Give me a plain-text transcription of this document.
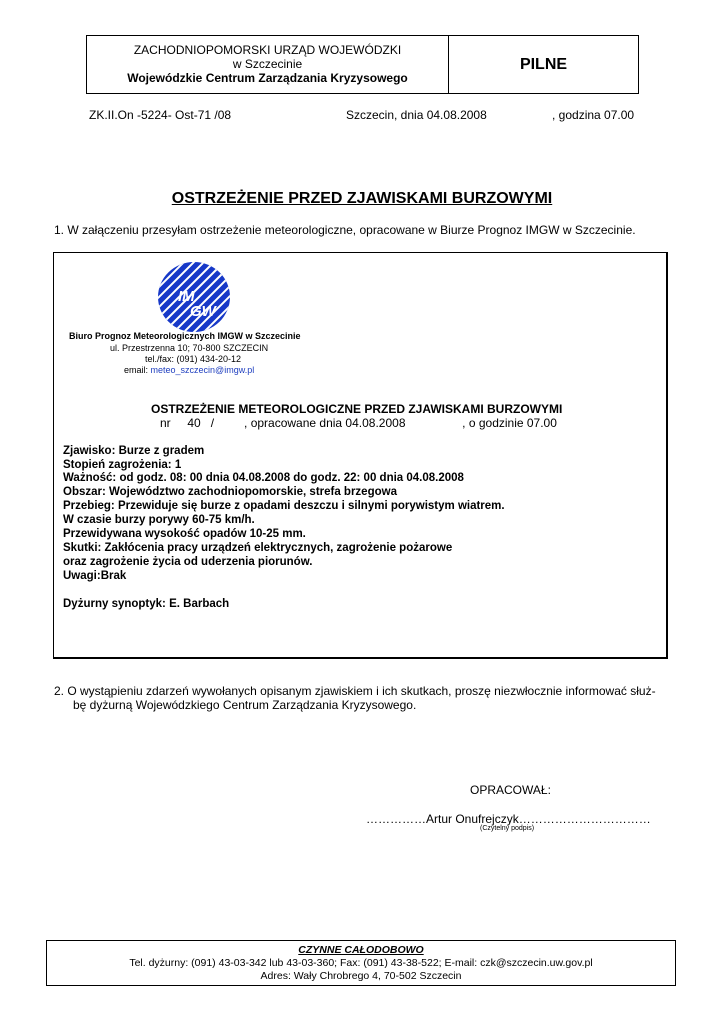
ZACHODNIOPOMORSKI URZĄD WOJEWÓDZKI
w Szczecinie
Wojewódzkie Centrum Zarządzania Kryzysowego
PILNE
ZK.II.On -5224- Ost-71 /08	Szczecin, dnia 04.08.2008	, godzina 07.00
OSTRZEŻENIE PRZED ZJAWISKAMI BURZOWYMI
1. W załączeniu przesyłam ostrzeżenie meteorologiczne, opracowane w Biurze Prognoz IMGW w Szczecinie.
IM
GW
Biuro Prognoz Meteorologicznych IMGW w Szczecinie
ul. Przestrzenna 10; 70-800 SZCZECIN
tel./fax: (091) 434-20-12
email: meteo_szczecin@imgw.pl
OSTRZEŻENIE METEOROLOGICZNE PRZED ZJAWISKAMI BURZOWYMI
nr     40   /         , opracowane dnia 04.08.2008                 , o godzinie 07.00
Zjawisko: Burze z gradem
Stopień zagrożenia: 1
Ważność: od godz. 08: 00 dnia 04.08.2008 do godz. 22: 00 dnia 04.08.2008
Obszar: Województwo zachodniopomorskie, strefa brzegowa
Przebieg: Przewiduje się burze z opadami deszczu i silnymi porywistym wiatrem.
W czasie burzy porywy 60-75 km/h.
Przewidywana wysokość opadów 10-25 mm.
Skutki: Zakłócenia pracy urządzeń elektrycznych, zagrożenie pożarowe
oraz zagrożenie życia od uderzenia piorunów.
Uwagi:Brak
Dyżurny synoptyk: E. Barbach
2. O wystąpieniu zdarzeń wywołanych opisanym zjawiskiem i ich skutkach, proszę niezwłocznie informować służ-
bę dyżurną Wojewódzkiego Centrum Zarządzania Kryzysowego.
OPRACOWAŁ:
……………Artur Onufrejczyk……………………………
(Czytelny podpis)
CZYNNE CAŁODOBOWO
Tel. dyżurny: (091) 43-03-342 lub 43-03-360; Fax: (091) 43-38-522; E-mail: czk@szczecin.uw.gov.pl
Adres: Wały Chrobrego 4, 70-502 Szczecin
